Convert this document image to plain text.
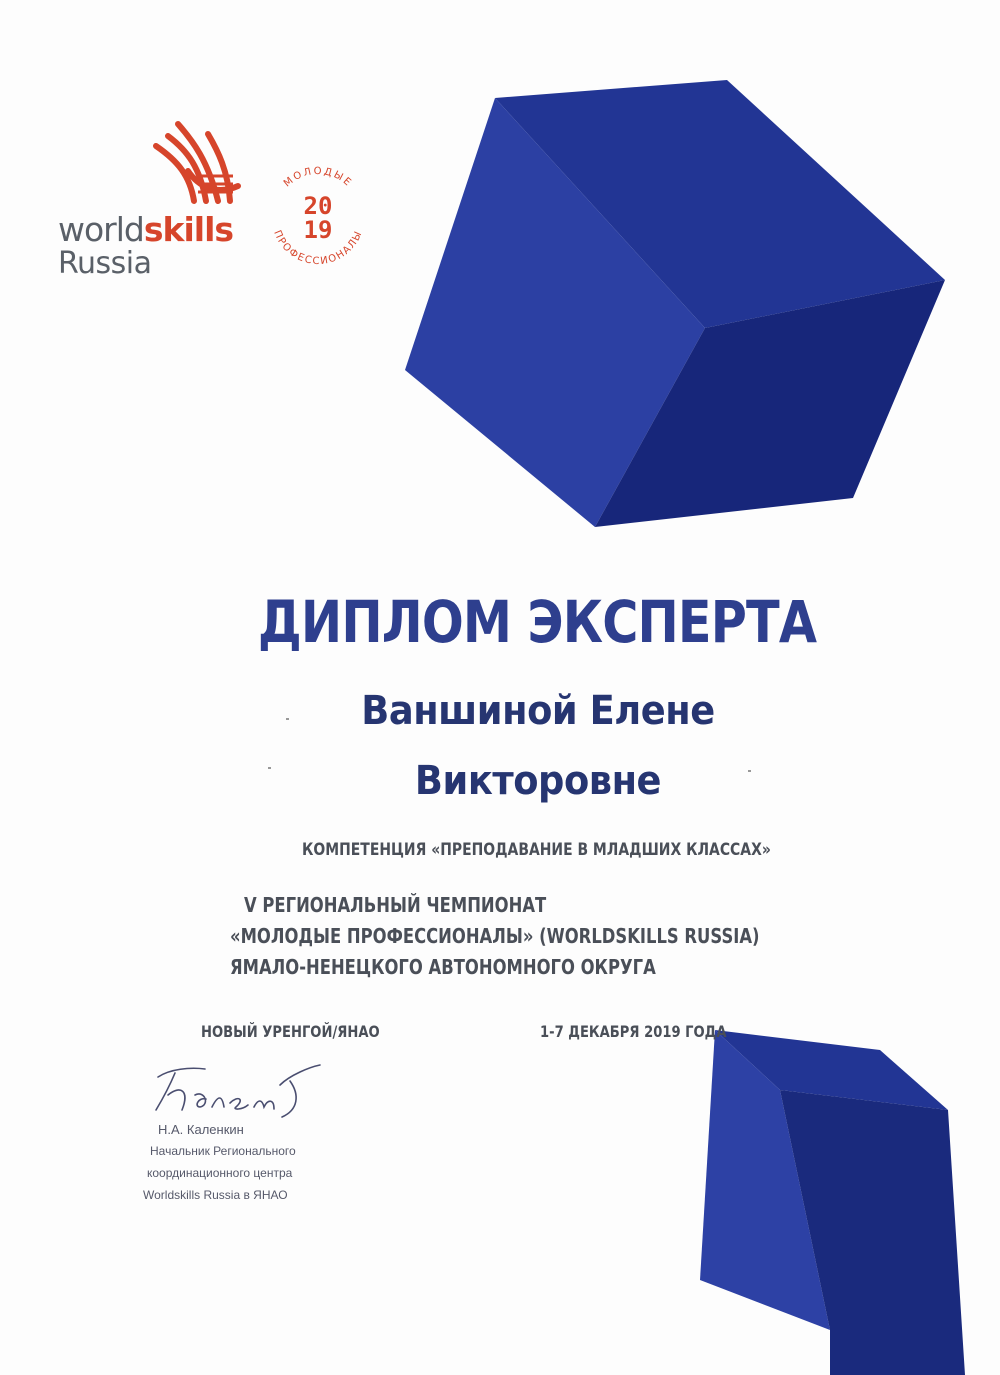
worldskills
Russia
МОЛОДЫЕ
ПРОФЕССИОНАЛЫ
20
19
ДИПЛОМ ЭКСПЕРТА
Ваншиной Елене
Викторовне
КОМПЕТЕНЦИЯ «ПРЕПОДАВАНИЕ В МЛАДШИХ КЛАССАХ»
V РЕГИОНАЛЬНЫЙ ЧЕМПИОНАТ
«МОЛОДЫЕ ПРОФЕССИОНАЛЫ» (WORLDSKILLS RUSSIA)
ЯМАЛО-НЕНЕЦКОГО АВТОНОМНОГО ОКРУГА
НОВЫЙ УРЕНГОЙ/ЯНАО	1-7 ДЕКАБРЯ 2019 ГОДА
Н.А. Каленкин
Начальник Регионального
координационного центра
Worldskills Russia в ЯНАО
